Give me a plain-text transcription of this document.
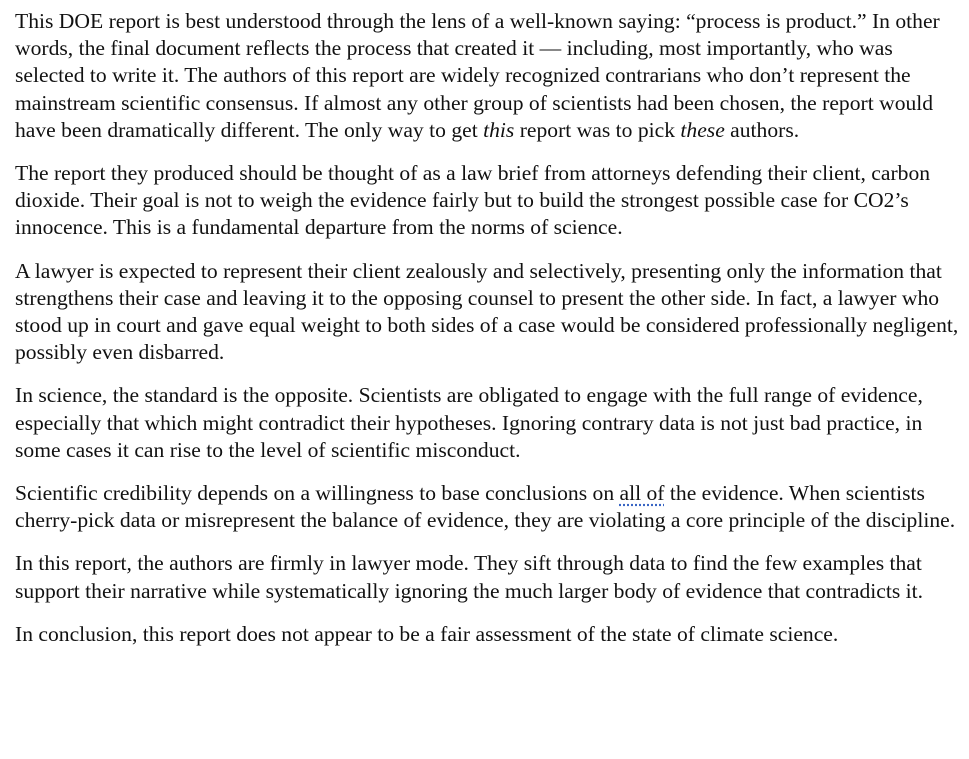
This DOE report is best understood through the lens of a well-known saying: “process is product.” In other words, the final document reflects the process that created it — including, most importantly, who was selected to write it. The authors of this report are widely recognized contrarians who don’t represent the mainstream scientific consensus. If almost any other group of scientists had been chosen, the report would have been dramatically different. The only way to get this report was to pick these authors.

The report they produced should be thought of as a law brief from attorneys defending their client, carbon dioxide. Their goal is not to weigh the evidence fairly but to build the strongest possible case for CO2’s innocence. This is a fundamental departure from the norms of science.

A lawyer is expected to represent their client zealously and selectively, presenting only the information that strengthens their case and leaving it to the opposing counsel to present the other side. In fact, a lawyer who stood up in court and gave equal weight to both sides of a case would be considered professionally negligent, possibly even disbarred.

In science, the standard is the opposite. Scientists are obligated to engage with the full range of evidence, especially that which might contradict their hypotheses. Ignoring contrary data is not just bad practice, in some cases it can rise to the level of scientific misconduct.

Scientific credibility depends on a willingness to base conclusions on all of the evidence. When scientists cherry-pick data or misrepresent the balance of evidence, they are violating a core principle of the discipline.

In this report, the authors are firmly in lawyer mode. They sift through data to find the few examples that support their narrative while systematically ignoring the much larger body of evidence that contradicts it.

In conclusion, this report does not appear to be a fair assessment of the state of climate science.
